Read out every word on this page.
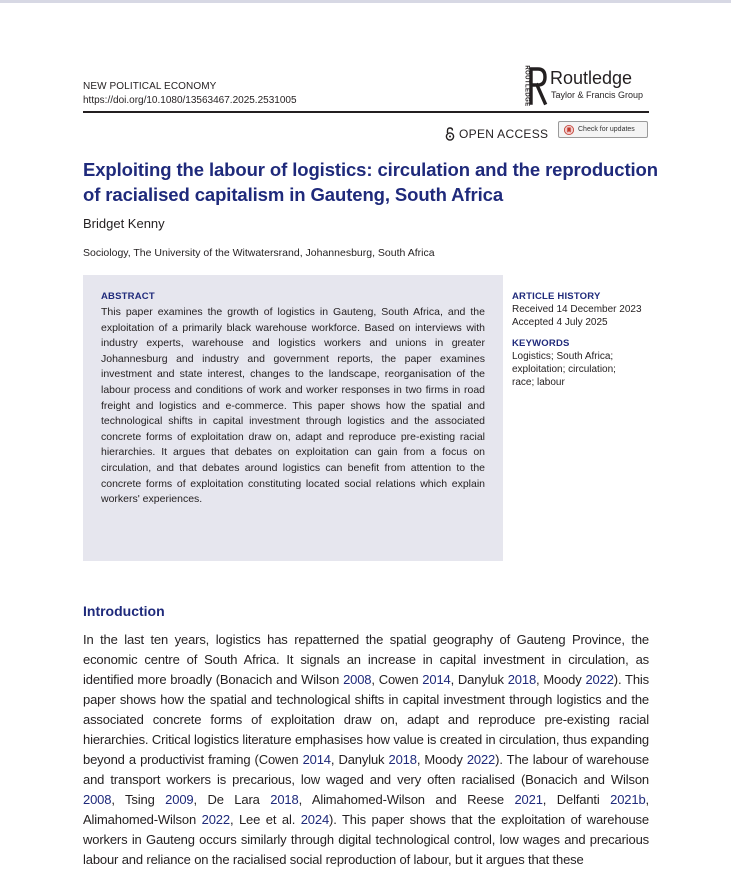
NEW POLITICAL ECONOMY
https://doi.org/10.1080/13563467.2025.2531005	ROUTLEDGE Routledge
Taylor & Francis Group
OPEN ACCESS	Check for updates
Exploiting the labour of logistics: circulation and the reproduction of racialised capitalism in Gauteng, South Africa
Bridget Kenny
Sociology, The University of the Witwatersrand, Johannesburg, South Africa
ABSTRACT

This paper examines the growth of logistics in Gauteng, South Africa, and the exploitation of a primarily black warehouse workforce. Based on interviews with industry experts, warehouse and logistics workers and unions in greater Johannesburg and industry and government reports, the paper examines investment and state interest, changes to the landscape, reorganisation of the labour process and conditions of work and worker responses in two firms in road freight and logistics and e-commerce. This paper shows how the spatial and technological shifts in capital investment through logistics and the associated concrete forms of exploitation draw on, adapt and reproduce pre-existing racial hierarchies. It argues that debates on exploitation can gain from a focus on circulation, and that debates around logistics can benefit from attention to the concrete forms of exploitation constituting located social relations which explain workers' experiences.

ARTICLE HISTORY
Received 14 December 2023
Accepted 4 July 2025
KEYWORDS
Logistics; South Africa;
exploitation; circulation;
race; labour
Introduction

In the last ten years, logistics has repatterned the spatial geography of Gauteng Province, the economic centre of South Africa. It signals an increase in capital investment in circulation, as identified more broadly (Bonacich and Wilson 2008, Cowen 2014, Danyluk 2018, Moody 2022). This paper shows how the spatial and technological shifts in capital investment through logistics and the associated concrete forms of exploitation draw on, adapt and reproduce pre-existing racial hierarchies. Critical logistics literature emphasises how value is created in circulation, thus expanding beyond a productivist framing (Cowen 2014, Danyluk 2018, Moody 2022). The labour of warehouse and transport workers is precarious, low waged and very often racialised (Bonacich and Wilson 2008, Tsing 2009, De Lara 2018, Alimahomed-Wilson and Reese 2021, Delfanti 2021b, Alimahomed-Wilson 2022, Lee et al. 2024). This paper shows that the exploitation of warehouse workers in Gauteng occurs similarly through digital technological control, low wages and precarious labour and reliance on the racialised social reproduction of labour, but it argues that these
